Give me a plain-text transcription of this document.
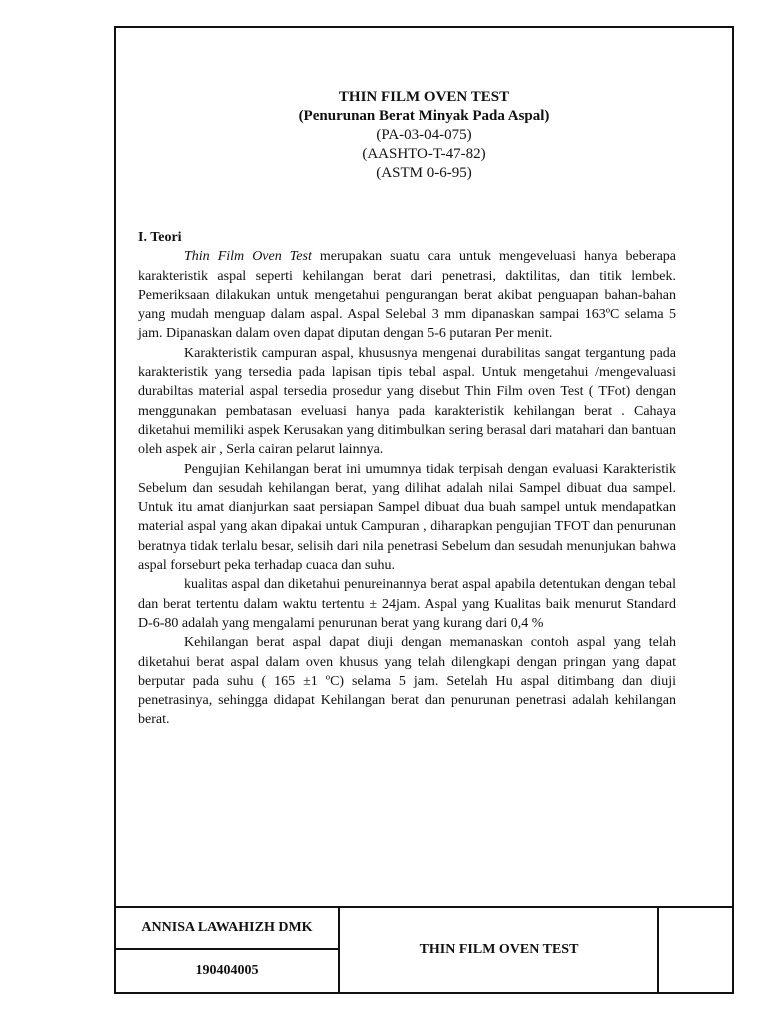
THIN FILM OVEN TEST
(Penurunan Berat Minyak Pada Aspal)
(PA-03-04-075)
(AASHTO-T-47-82)
(ASTM 0-6-95)

I. Teori

Thin Film Oven Test merupakan suatu cara untuk mengeveluasi hanya beberapa karakteristik aspal seperti kehilangan berat dari penetrasi, daktilitas, dan titik lembek. Pemeriksaan dilakukan untuk mengetahui pengurangan berat akibat penguapan bahan-bahan yang mudah menguap dalam aspal. Aspal Selebal 3 mm dipanaskan sampai 163ºC selama 5 jam. Dipanaskan dalam oven dapat diputan dengan 5-6 putaran Per menit.

Karakteristik campuran aspal, khususnya mengenai durabilitas sangat tergantung pada karakteristik yang tersedia pada lapisan tipis tebal aspal. Untuk mengetahui /mengevaluasi durabiltas material aspal tersedia prosedur yang disebut Thin Film oven Test ( TFot) dengan menggunakan pembatasan eveluasi hanya pada karakteristik kehilangan berat . Cahaya diketahui memiliki aspek Kerusakan yang ditimbulkan sering berasal dari matahari dan bantuan oleh aspek air , Serla cairan pelarut lainnya.

Pengujian Kehilangan berat ini umumnya tidak terpisah dengan evaluasi Karakteristik Sebelum dan sesudah kehilangan berat, yang dilihat adalah nilai Sampel dibuat dua sampel. Untuk itu amat dianjurkan saat persiapan Sampel dibuat dua buah sampel untuk mendapatkan material aspal yang akan dipakai untuk Campuran , diharapkan pengujian TFOT dan penurunan beratnya tidak terlalu besar, selisih dari nila penetrasi Sebelum dan sesudah menunjukan bahwa aspal forseburt peka terhadap cuaca dan suhu.

kualitas aspal dan diketahui penureinannya berat aspal apabila detentukan dengan tebal dan berat tertentu dalam waktu tertentu ± 24jam. Aspal yang Kualitas baik menurut Standard D-6-80 adalah yang mengalami penurunan berat yang kurang dari 0,4 %

Kehilangan berat aspal dapat diuji dengan memanaskan contoh aspal yang telah diketahui berat aspal dalam oven khusus yang telah dilengkapi dengan pringan yang dapat berputar pada suhu ( 165 ±1 ºC) selama 5 jam. Setelah Hu aspal ditimbang dan diuji penetrasinya, sehingga didapat Kehilangan berat dan penurunan penetrasi adalah kehilangan berat.

ANNISA LAWAHIZH DMK
190404005
THIN FILM OVEN TEST
